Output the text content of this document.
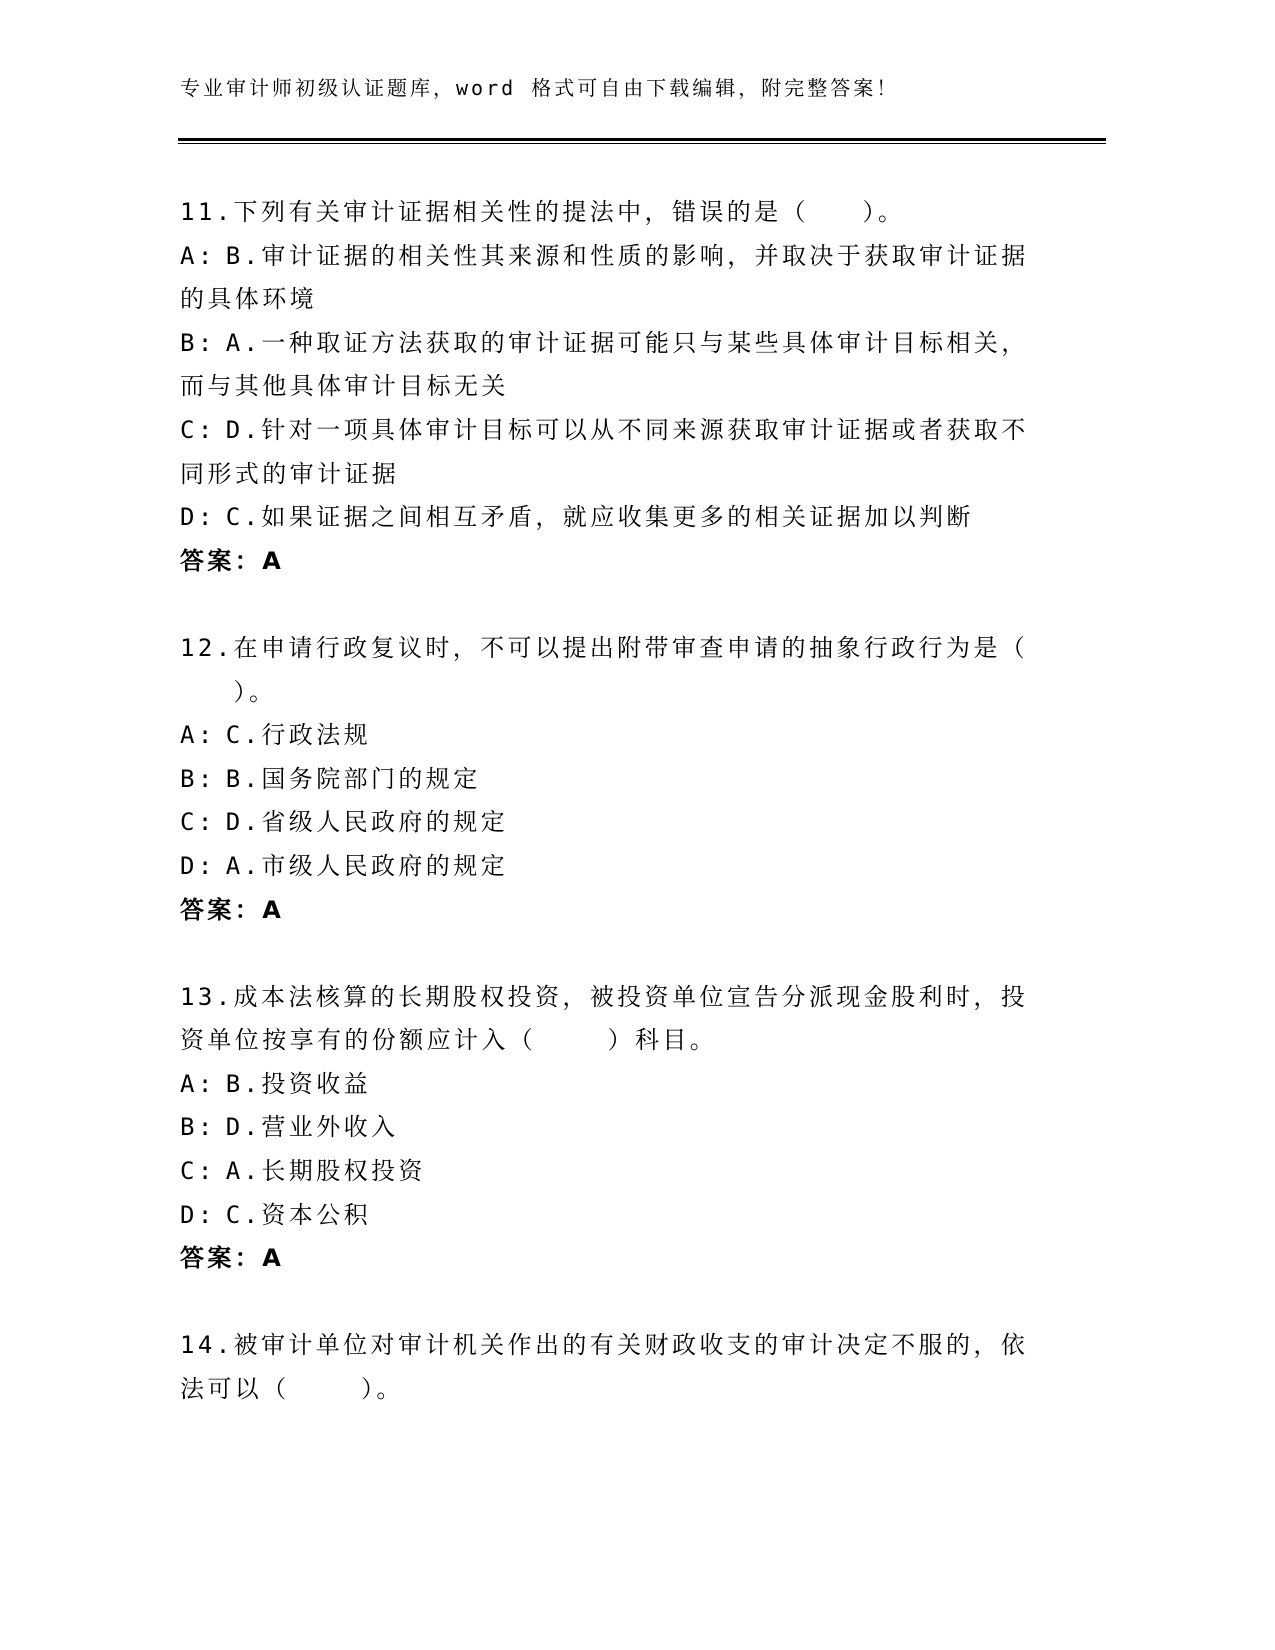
专业审计师初级认证题库，word 格式可自由下载编辑，附完整答案！
11.下列有关审计证据相关性的提法中，错误的是（   ）。
A: B.审计证据的相关性其来源和性质的影响，并取决于获取审计证据
的具体环境
B: A.一种取证方法获取的审计证据可能只与某些具体审计目标相关，
而与其他具体审计目标无关
C: D.针对一项具体审计目标可以从不同来源获取审计证据或者获取不
同形式的审计证据
D: C.如果证据之间相互矛盾，就应收集更多的相关证据加以判断
答案：A
12.在申请行政复议时，不可以提出附带审查申请的抽象行政行为是（
）。
A: C.行政法规
B: B.国务院部门的规定
C: D.省级人民政府的规定
D: A.市级人民政府的规定
答案：A
13.成本法核算的长期股权投资，被投资单位宣告分派现金股利时，投
资单位按享有的份额应计入（    ）科目。
A: B.投资收益
B: D.营业外收入
C: A.长期股权投资
D: C.资本公积
答案：A
14.被审计单位对审计机关作出的有关财政收支的审计决定不服的，依
法可以（    ）。
